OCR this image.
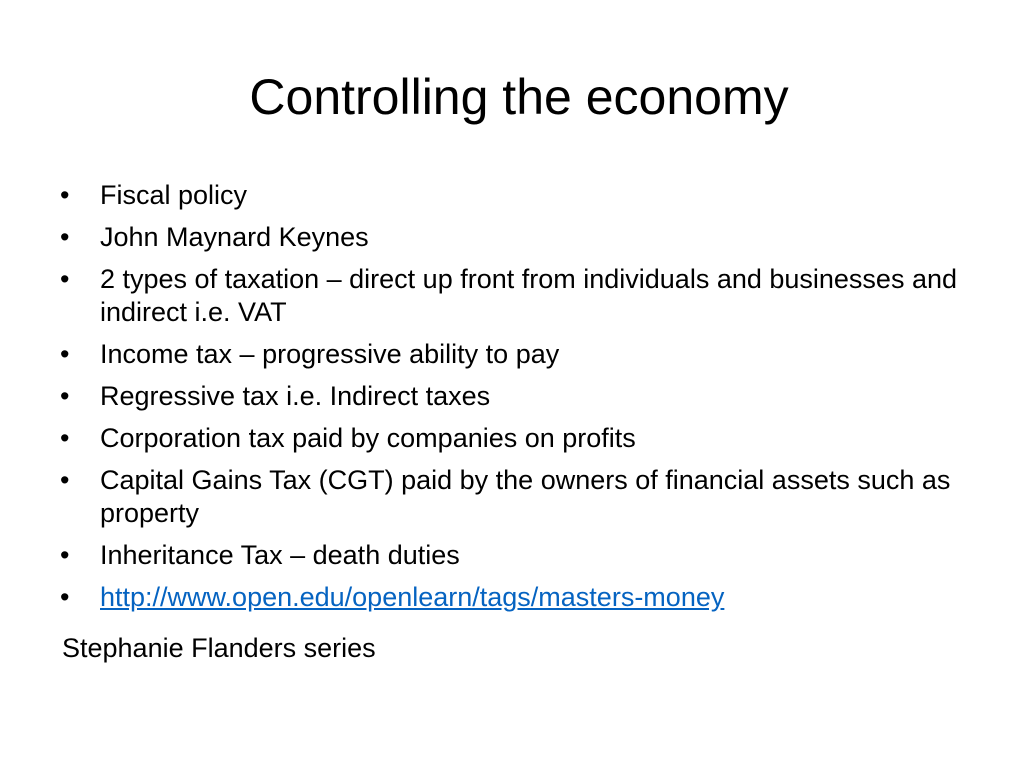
Controlling the economy
•	Fiscal policy
•	John Maynard Keynes
•	2 types of taxation – direct up front from individuals and businesses and indirect i.e. VAT
•	Income tax – progressive ability to pay
•	Regressive tax i.e. Indirect taxes
•	Corporation tax paid by companies on profits
•	Capital Gains Tax (CGT) paid by the owners of financial assets such as property
•	Inheritance Tax – death duties
•	http://www.open.edu/openlearn/tags/masters-money
Stephanie Flanders series
